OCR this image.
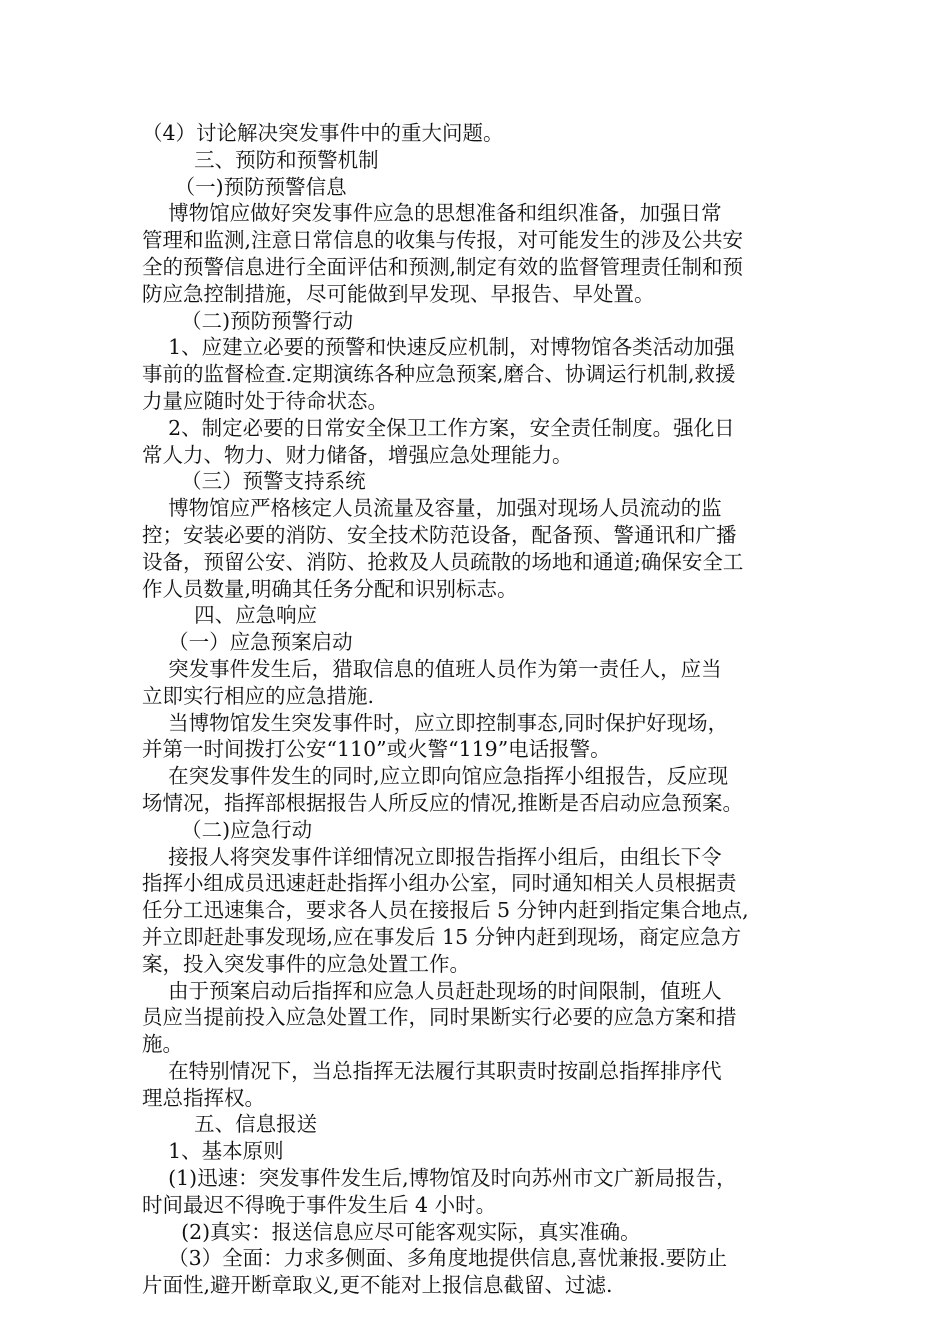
（4）讨论解决突发事件中的重大问题。
三、预防和预警机制
（一)预防预警信息
博物馆应做好突发事件应急的思想准备和组织准备，加强日常
管理和监测,注意日常信息的收集与传报，对可能发生的涉及公共安
全的预警信息进行全面评估和预测,制定有效的监督管理责任制和预
防应急控制措施，尽可能做到早发现、早报告、早处置。
（二)预防预警行动
1、应建立必要的预警和快速反应机制，对博物馆各类活动加强
事前的监督检查.定期演练各种应急预案,磨合、协调运行机制,救援
力量应随时处于待命状态。
2、制定必要的日常安全保卫工作方案，安全责任制度。强化日
常人力、物力、财力储备，增强应急处理能力。
（三）预警支持系统
博物馆应严格核定人员流量及容量，加强对现场人员流动的监
控；安装必要的消防、安全技术防范设备，配备预、警通讯和广播
设备，预留公安、消防、抢救及人员疏散的场地和通道;确保安全工
作人员数量,明确其任务分配和识别标志。
四、应急响应
（一）应急预案启动
突发事件发生后，猎取信息的值班人员作为第一责任人，应当
立即实行相应的应急措施.
当博物馆发生突发事件时，应立即控制事态,同时保护好现场，
并第一时间拨打公安“110”或火警“119”电话报警。
在突发事件发生的同时,应立即向馆应急指挥小组报告，反应现
场情况，指挥部根据报告人所反应的情况,推断是否启动应急预案。
（二)应急行动
接报人将突发事件详细情况立即报告指挥小组后，由组长下令
指挥小组成员迅速赶赴指挥小组办公室，同时通知相关人员根据责
任分工迅速集合，要求各人员在接报后 5 分钟内赶到指定集合地点,
并立即赶赴事发现场,应在事发后 15 分钟内赶到现场，商定应急方
案，投入突发事件的应急处置工作。
由于预案启动后指挥和应急人员赶赴现场的时间限制，值班人
员应当提前投入应急处置工作，同时果断实行必要的应急方案和措
施。
在特别情况下，当总指挥无法履行其职责时按副总指挥排序代
理总指挥权。
五、信息报送
1、基本原则
(1)迅速：突发事件发生后,博物馆及时向苏州市文广新局报告，
时间最迟不得晚于事件发生后 4 小时。
(2)真实：报送信息应尽可能客观实际，真实准确。
（3）全面：力求多侧面、多角度地提供信息,喜忧兼报.要防止
片面性,避开断章取义,更不能对上报信息截留、过滤.
